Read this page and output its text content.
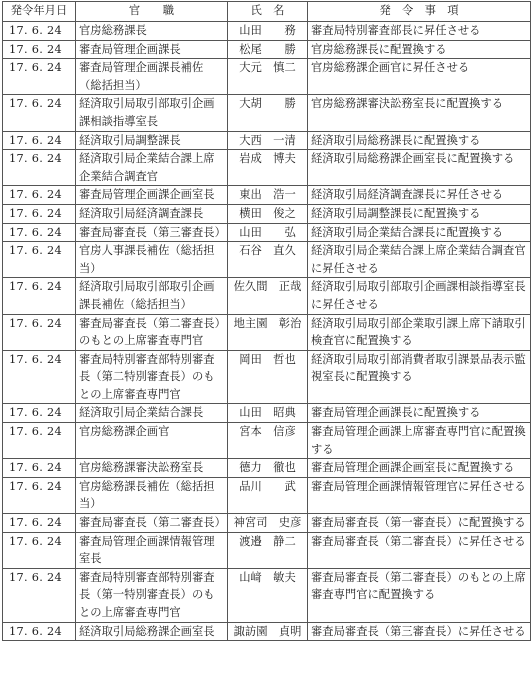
発令年月日	官　　職	氏　名	発　令　事　項
17. 6. 24	官房総務課長	山田　　務	審査局特別審査部長に昇任させる
17. 6. 24	審査局管理企画課長	松尾　　勝	官房総務課長に配置換する
17. 6. 24	審査局管理企画課長補佐（総括担当）	大元　慎二	官房総務課企画官に昇任させる
17. 6. 24	経済取引局取引部取引企画課相談指導室長	大胡　　勝	官房総務課審決訟務室長に配置換する
17. 6. 24	経済取引局調整課長	大西　一清	経済取引局総務課長に配置換する
17. 6. 24	経済取引局企業結合課上席企業結合調査官	岩成　博夫	経済取引局総務課企画室長に配置換する
17. 6. 24	審査局管理企画課企画室長	東出　浩一	経済取引局経済調査課長に昇任させる
17. 6. 24	経済取引局経済調査課長	横田　俊之	経済取引局調整課長に配置換する
17. 6. 24	審査局審査長（第三審査長）	山田　　弘	経済取引局企業結合課長に配置換する
17. 6. 24	官房人事課長補佐（総括担当）	石谷　直久	経済取引局企業結合課上席企業結合調査官に昇任させる
17. 6. 24	経済取引局取引部取引企画課長補佐（総括担当）	佐久間　正哉	経済取引局取引部取引企画課相談指導室長に昇任させる
17. 6. 24	審査局審査長（第二審査長）のもとの上席審査専門官	地主園　彰治	経済取引局取引部企業取引課上席下請取引検査官に配置換する
17. 6. 24	審査局特別審査部特別審査長（第二特別審査長）のもとの上席審査専門官	岡田　哲也	経済取引局取引部消費者取引課景品表示監視室長に配置換する
17. 6. 24	経済取引局企業結合課長	山田　昭典	審査局管理企画課長に配置換する
17. 6. 24	官房総務課企画官	宮本　信彦	審査局管理企画課上席審査専門官に配置換する
17. 6. 24	官房総務課審決訟務室長	德力　徹也	審査局管理企画課企画室長に配置換する
17. 6. 24	官房総務課長補佐（総括担当）	品川　　武	審査局管理企画課情報管理官に昇任させる
17. 6. 24	審査局審査長（第二審査長）	神宮司　史彦	審査局審査長（第一審査長）に配置換する
17. 6. 24	審査局管理企画課情報管理室長	渡邉　静二	審査局審査長（第二審査長）に昇任させる
17. 6. 24	審査局特別審査部特別審査長（第一特別審査長）のもとの上席審査専門官	山﨑　敏夫	審査局審査長（第二審査長）のもとの上席審査専門官に配置換する
17. 6. 24	経済取引局総務課企画室長	諏訪園　貞明	審査局審査長（第三審査長）に昇任させる
